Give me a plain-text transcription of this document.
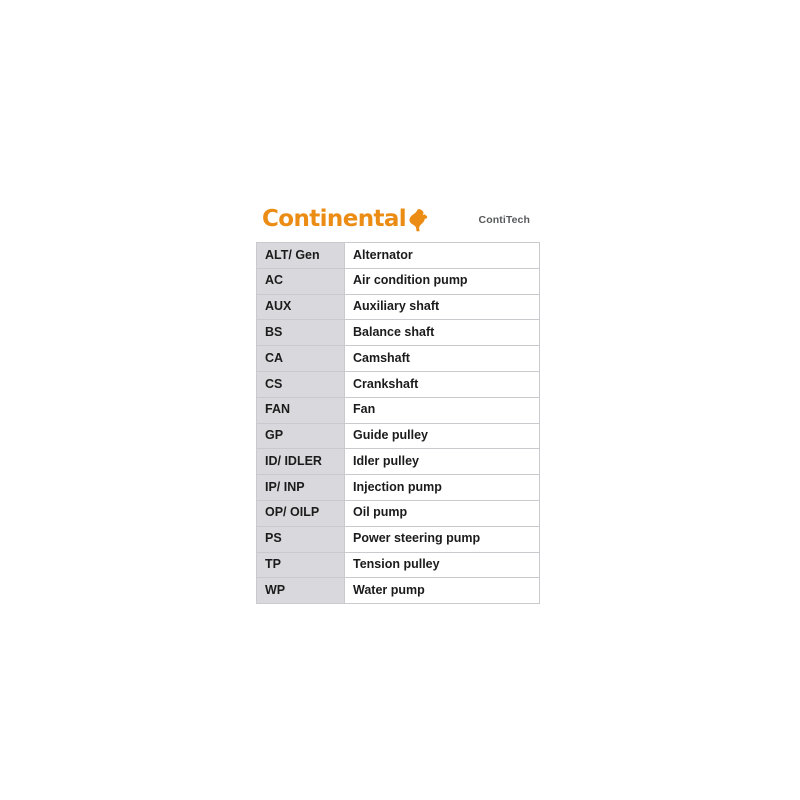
Continental	ContiTech
ALT/ Gen	Alternator
AC	Air condition pump
AUX	Auxiliary shaft
BS	Balance shaft
CA	Camshaft
CS	Crankshaft
FAN	Fan
GP	Guide pulley
ID/ IDLER	Idler pulley
IP/ INP	Injection pump
OP/ OILP	Oil pump
PS	Power steering pump
TP	Tension pulley
WP	Water pump
